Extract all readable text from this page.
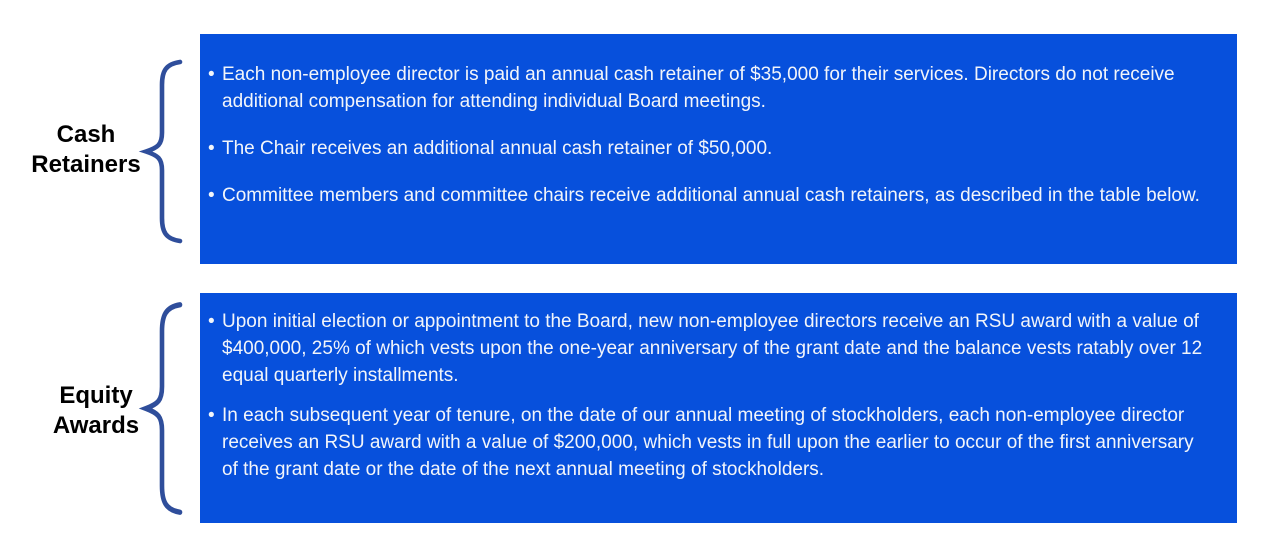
Cash
Retainers
• Each non-employee director is paid an annual cash retainer of $35,000 for their services. Directors do not receive additional compensation for attending individual Board meetings.
• The Chair receives an additional annual cash retainer of $50,000.
• Committee members and committee chairs receive additional annual cash retainers, as described in the table below.
Equity
Awards
• Upon initial election or appointment to the Board, new non-employee directors receive an RSU award with a value of $400,000, 25% of which vests upon the one-year anniversary of the grant date and the balance vests ratably over 12 equal quarterly installments.
• In each subsequent year of tenure, on the date of our annual meeting of stockholders, each non-employee director receives an RSU award with a value of $200,000, which vests in full upon the earlier to occur of the first anniversary of the grant date or the date of the next annual meeting of stockholders.
